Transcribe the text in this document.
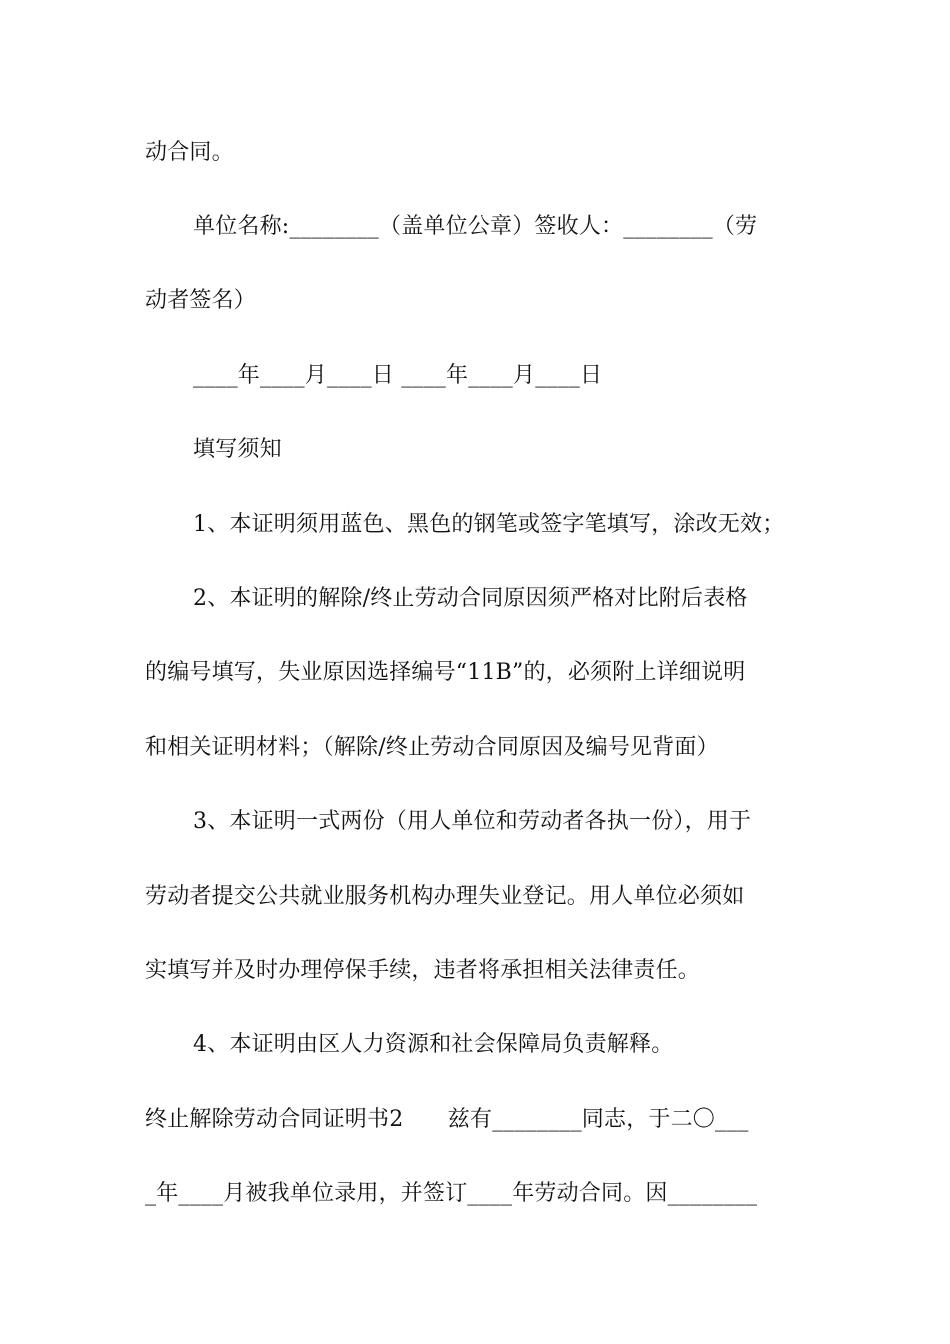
动合同。
单位名称:________（盖单位公章）签收人：________（劳
动者签名）
____年____月____日 ____年____月____日
填写须知
1、本证明须用蓝色、黑色的钢笔或签字笔填写，涂改无效；
2、本证明的解除/终止劳动合同原因须严格对比附后表格
的编号填写，失业原因选择编号“11B”的，必须附上详细说明
和相关证明材料；（解除/终止劳动合同原因及编号见背面）
3、本证明一式两份（用人单位和劳动者各执一份），用于
劳动者提交公共就业服务机构办理失业登记。用人单位必须如
实填写并及时办理停保手续，违者将承担相关法律责任。
4、本证明由区人力资源和社会保障局负责解释。
终止解除劳动合同证明书2　　兹有________同志，于二〇___
_年____月被我单位录用，并签订____年劳动合同。因________
